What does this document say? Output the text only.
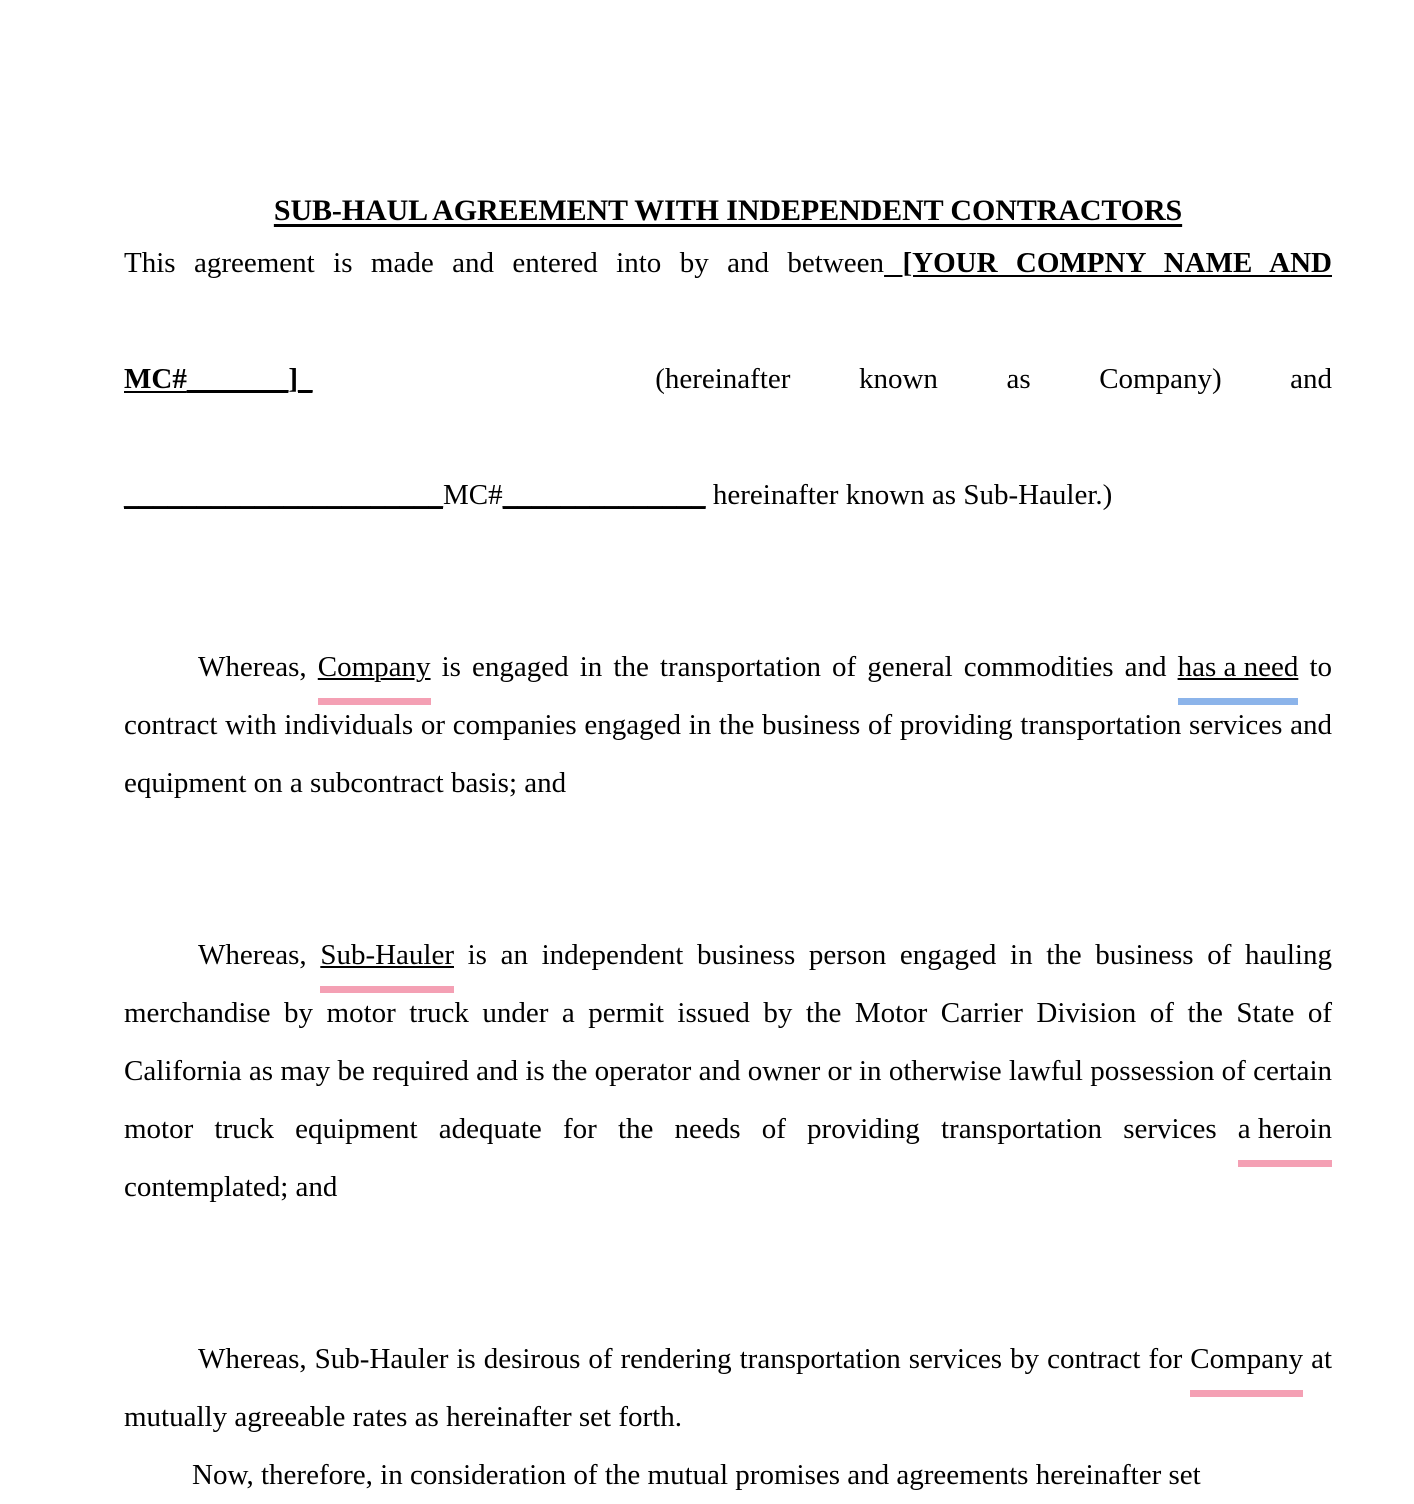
SUB-HAUL AGREEMENT WITH INDEPENDENT CONTRACTORS

This agreement is made and entered into by and between [YOUR COMPNY NAME AND
MC#_______]_	(hereinafter known as Company) and
______________________MC#______________ hereinafter known as Sub-Hauler.)

Whereas, Company is engaged in the transportation of general commodities and has a need to contract with individuals or companies engaged in the business of providing transportation services and equipment on a subcontract basis; and

Whereas, Sub-Hauler is an independent business person engaged in the business of hauling merchandise by motor truck under a permit issued by the Motor Carrier Division of the State of California as may be required and is the operator and owner or in otherwise lawful possession of certain motor truck equipment adequate for the needs of providing transportation services a heroin contemplated; and

Whereas, Sub-Hauler is desirous of rendering transportation services by contract for Company at mutually agreeable rates as hereinafter set forth.

Now, therefore, in consideration of the mutual promises and agreements hereinafter set
